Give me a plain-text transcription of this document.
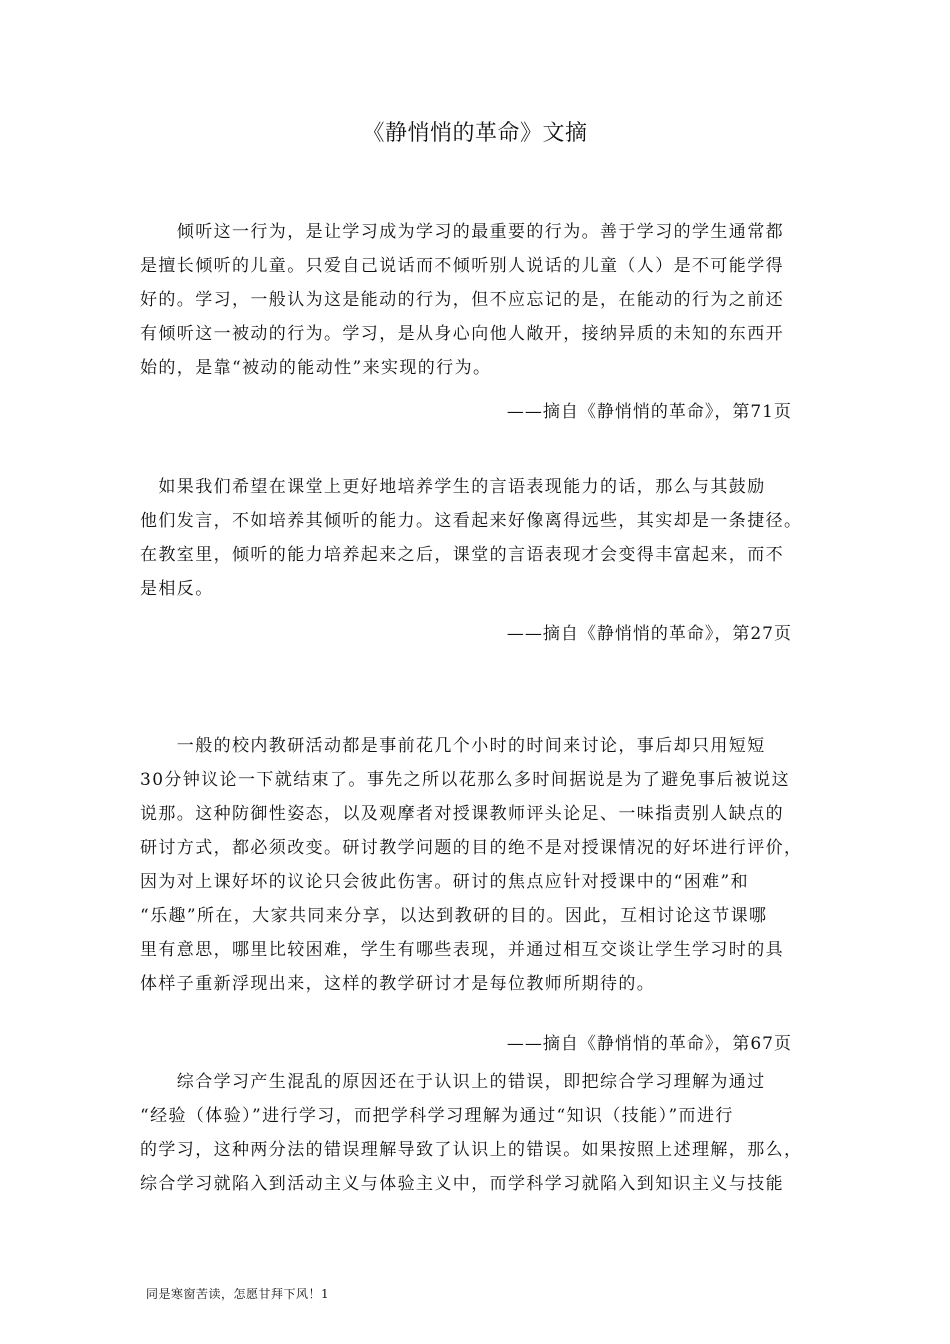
《静悄悄的革命》文摘
　　倾听这一行为，是让学习成为学习的最重要的行为。善于学习的学生通常都
是擅长倾听的儿童。只爱自己说话而不倾听别人说话的儿童（人）是不可能学得
好的。学习，一般认为这是能动的行为，但不应忘记的是，在能动的行为之前还
有倾听这一被动的行为。学习，是从身心向他人敞开，接纳异质的未知的东西开
始的，是靠“被动的能动性”来实现的行为。
——摘自《静悄悄的革命》，第71页
　如果我们希望在课堂上更好地培养学生的言语表现能力的话，那么与其鼓励
他们发言，不如培养其倾听的能力。这看起来好像离得远些，其实却是一条捷径。
在教室里，倾听的能力培养起来之后，课堂的言语表现才会变得丰富起来，而不
是相反。
——摘自《静悄悄的革命》，第27页
　　一般的校内教研活动都是事前花几个小时的时间来讨论，事后却只用短短
30分钟议论一下就结束了。事先之所以花那么多时间据说是为了避免事后被说这
说那。这种防御性姿态，以及观摩者对授课教师评头论足、一味指责别人缺点的
研讨方式，都必须改变。研讨教学问题的目的绝不是对授课情况的好坏进行评价，
因为对上课好坏的议论只会彼此伤害。研讨的焦点应针对授课中的“困难”和
“乐趣”所在，大家共同来分享，以达到教研的目的。因此，互相讨论这节课哪
里有意思，哪里比较困难，学生有哪些表现，并通过相互交谈让学生学习时的具
体样子重新浮现出来，这样的教学研讨才是每位教师所期待的。
——摘自《静悄悄的革命》，第67页
　　综合学习产生混乱的原因还在于认识上的错误，即把综合学习理解为通过
“经验（体验）”进行学习，而把学科学习理解为通过“知识（技能）”而进行
的学习，这种两分法的错误理解导致了认识上的错误。如果按照上述理解，那么，
综合学习就陷入到活动主义与体验主义中，而学科学习就陷入到知识主义与技能
同是寒窗苦读，怎愿甘拜下风！1
